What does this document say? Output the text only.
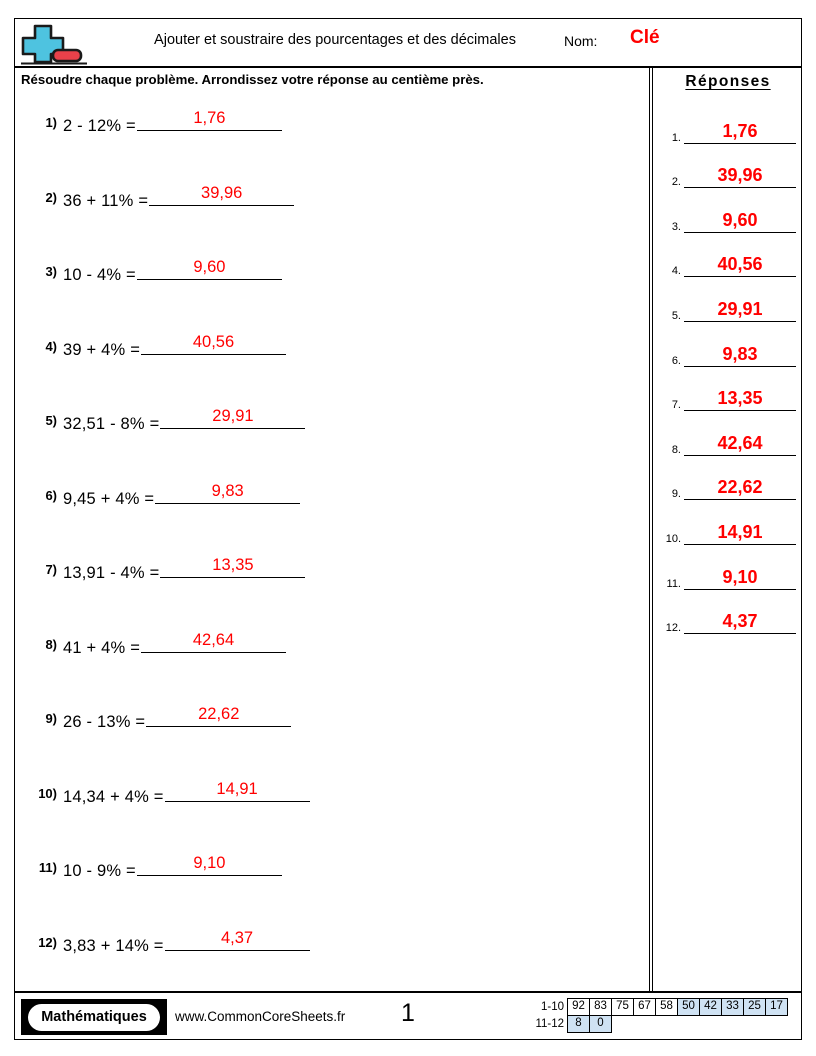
Ajouter et soustraire des pourcentages et des décimales	Nom: Clé
Résoudre chaque problème. Arrondissez votre réponse au centième près.
1) 2 - 12% =	1,76
2) 36 + 11% =	39,96
3) 10 - 4% =	9,60
4) 39 + 4% =	40,56
5) 32,51 - 8% =	29,91
6) 9,45 + 4% =	9,83
7) 13,91 - 4% =	13,35
8) 41 + 4% =	42,64
9) 26 - 13% =	22,62
10) 14,34 + 4% =	14,91
11) 10 - 9% =	9,10
12) 3,83 + 14% =	4,37
Réponses
1.	1,76
2.	39,96
3.	9,60
4.	40,56
5.	29,91
6.	9,83
7.	13,35
8.	42,64
9.	22,62
10.	14,91
11.	9,10
12.	4,37
Mathématiques www.CommonCoreSheets.fr	1	1-10 92 83 75 67 58 50 42 33 25 17
11-12 8	0
